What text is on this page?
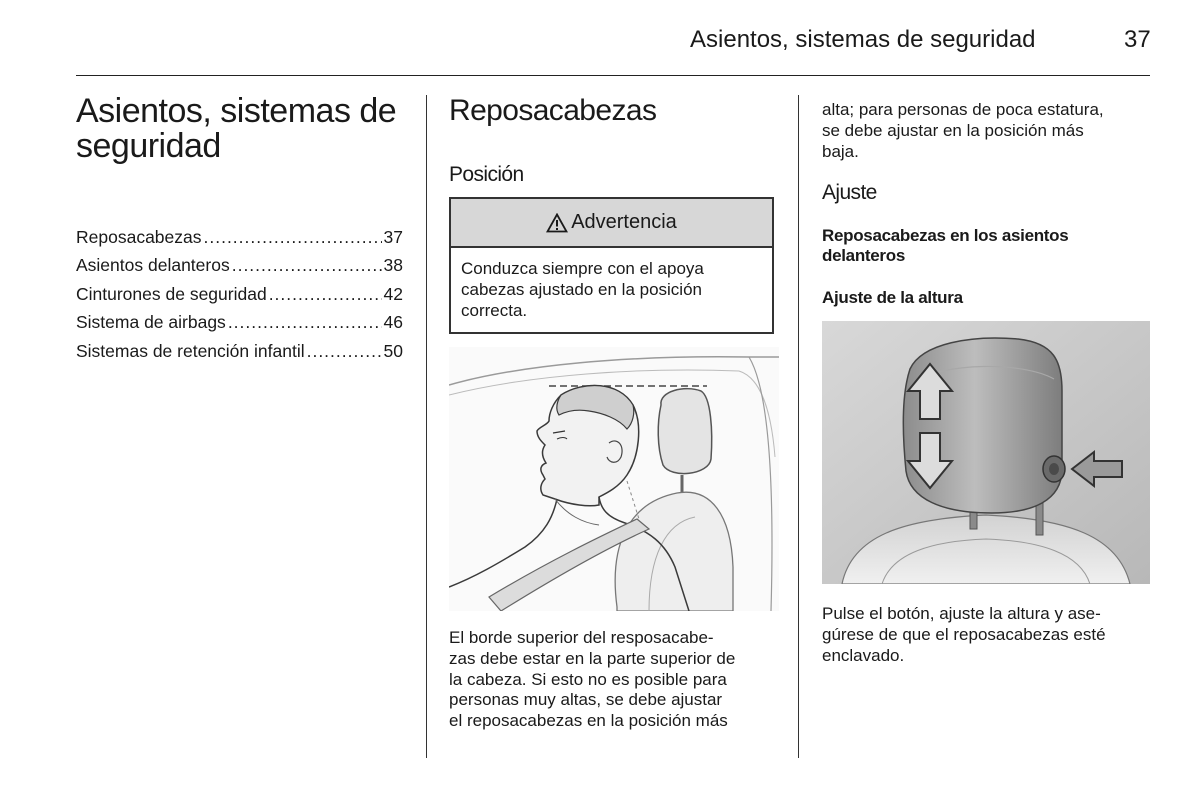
Asientos, sistemas de seguridad	37
Asientos, sistemas de seguridad
Reposacabezas .....	37
Asientos delanteros .....	38
Cinturones de seguridad .....	42
Sistema de airbags .....	46
Sistemas de retención infantil .....	50
Reposacabezas
Posición
Advertencia
Conduzca siempre con el apoya
cabezas ajustado en la posición
correcta.
El borde superior del resposacabe-
zas debe estar en la parte superior de
la cabeza. Si esto no es posible para
personas muy altas, se debe ajustar
el reposacabezas en la posición más
alta; para personas de poca estatura,
se debe ajustar en la posición más
baja.
Ajuste
Reposacabezas en los asientos
delanteros
Ajuste de la altura
Pulse el botón, ajuste la altura y ase-
gúrese de que el reposacabezas esté
enclavado.
